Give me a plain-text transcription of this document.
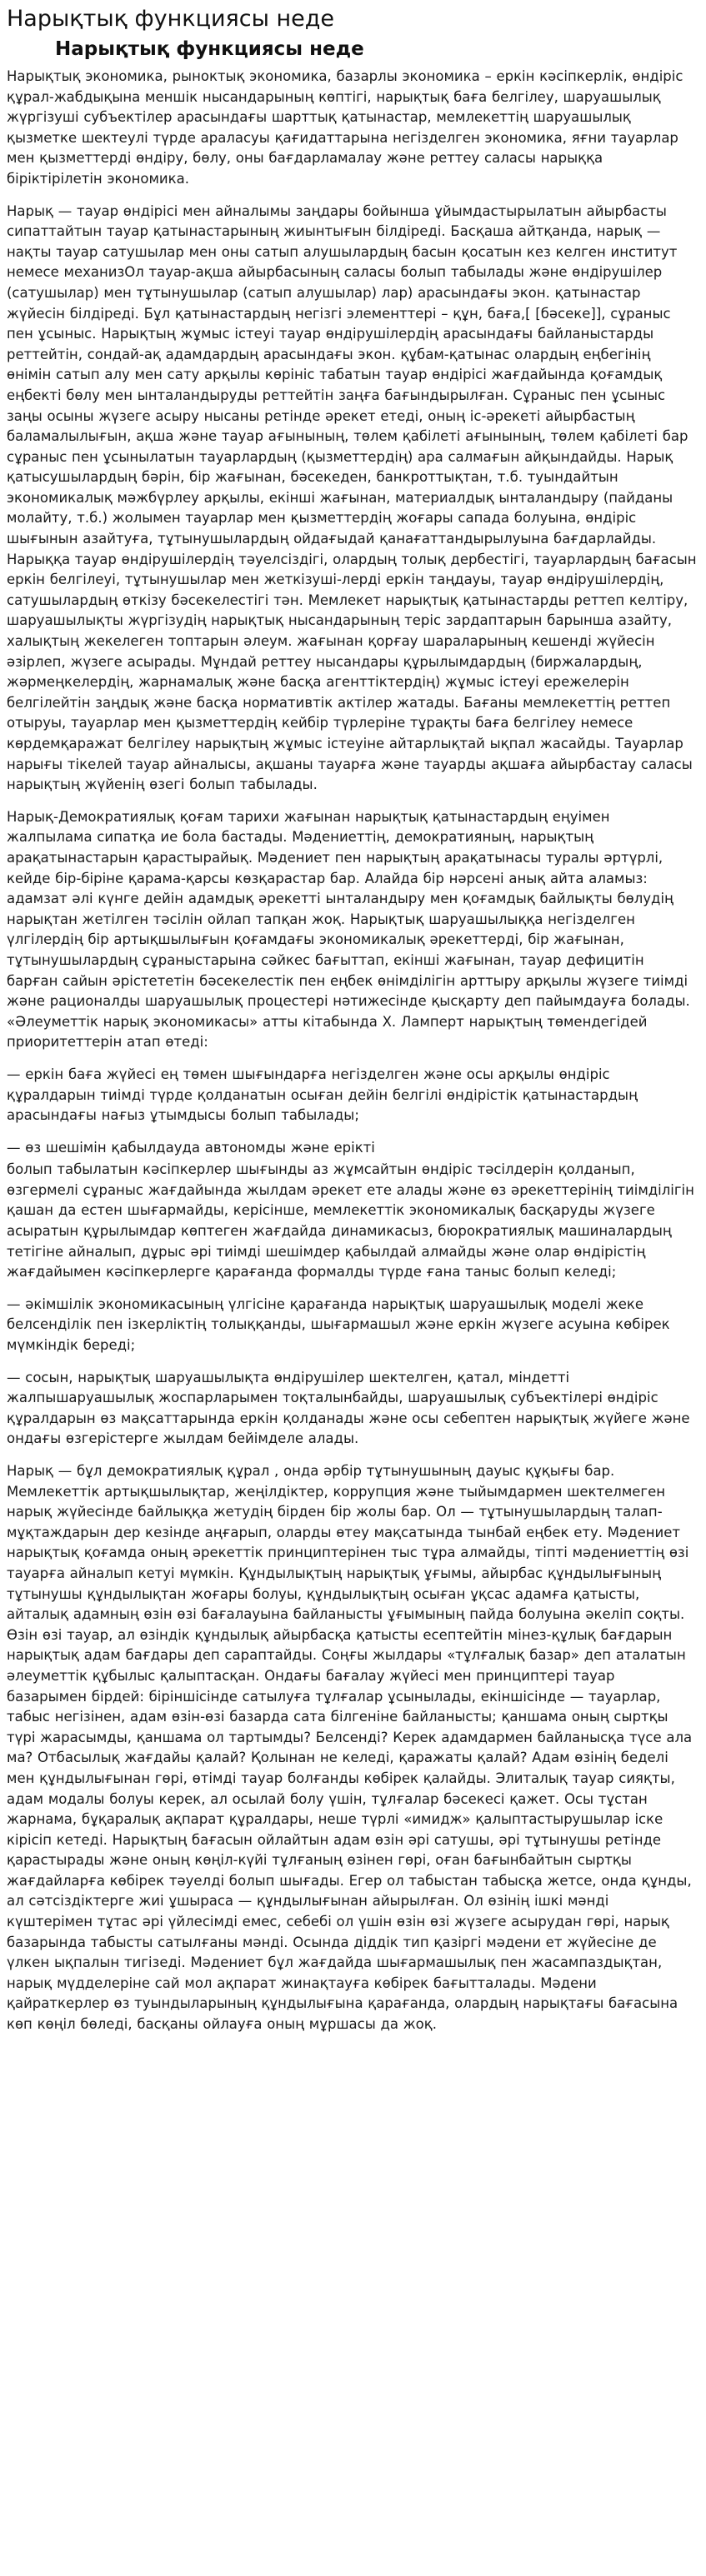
Нарықтық функциясы неде
Нарықтық функциясы неде

Нарықтық экономика, рыноктық экономика, базарлы экономика – еркін кәсіпкерлік, өндіріс құрал-жабдықына меншік нысандарының көптігі, нарықтық баға белгілеу, шаруашылық жүргізуші субъектілер арасындағы шарттық қатынастар, мемлекеттің шаруашылық қызметке шектеулі түрде араласуы қағидаттарына негізделген экономика, яғни тауарлар мен қызметтерді өндіру, бөлу, оны бағдарламалау және реттеу саласы нарыққа біріктірілетін экономика.

Нарық — тауар өндірісі мен айналымы заңдары бойынша ұйымдастырылатын айырбасты сипаттайтын тауар қатынастарының жиынтығын білдіреді. Басқаша айтқанда, нарық — нақты тауар сатушылар мен оны сатып алушылардың басын қосатын кез келген институт немесе механизОл тауар-ақша айырбасының саласы болып табылады және өндірушілер (сатушылар) мен тұтынушылар (сатып алушылар) лар) арасындағы экон. қатынастар жүйесін білдіреді. Бұл қатынастардың негізгі элементтері – құн, баға,[ [бәсеке]], сұраныс пен ұсыныс. Нарықтың жұмыс істеуі тауар өндірушілердің арасындағы байланыстарды реттейтін, сондай-ақ адамдардың арасындағы экон. құбам-қатынас олардың еңбегінің өнімін сатып алу мен сату арқылы көрініс табатын тауар өндірісі жағдайында қоғамдық еңбекті бөлу мен ынталандыруды реттейтін заңға бағындырылған. Сұраныс пен ұсыныс заңы осыны жүзеге асыру нысаны ретінде әрекет етеді, оның іс-әрекеті айырбастың баламалылығын, ақша және тауар ағынының, төлем қабілеті ағынының, төлем қабілеті бар сұраныс пен ұсынылатын тауарлардың (қызметтердің) ара салмағын айқындайды. Нарық қатысушылардың бәрін, бір жағынан, бәсекеден, банкроттықтан, т.б. туындайтын экономикалық мәжбүрлеу арқылы, екінші жағынан, материалдық ынталандыру (пайданы молайту, т.б.) жолымен тауарлар мен қызметтердің жоғары сапада болуына, өндіріс шығынын азайтуға, тұтынушылардың ойдағыдай қанағаттандырылуына бағдарлайды. Нарыққа тауар өндірушілердің тәуелсіздігі, олардың толық дербестігі, тауарлардың бағасын еркін белгілеуі, тұтынушылар мен жеткізуші-лерді еркін таңдауы, тауар өндірушілердің, сатушылардың өткізу бәсекелестігі тән. Мемлекет нарықтық қатынастарды реттеп келтіру, шаруашылықты жүргізудің нарықтық нысандарының теріс зардаптарын барынша азайту, халықтың жекелеген топтарын әлеум. жағынан қорғау шараларының кешенді жүйесін әзірлеп, жүзеге асырады. Мұндай реттеу нысандары құрылымдардың (биржалардың, жәрмеңкелердің, жарнамалық және басқа агенттіктердің) жұмыс істеуі ережелерін белгілейтін заңдық және басқа нормативтік актілер жатады. Бағаны мемлекеттің реттеп отыруы, тауарлар мен қызметтердің кейбір түрлеріне тұрақты баға белгілеу немесе көрдемқаражат белгілеу нарықтың жұмыс істеуіне айтарлықтай ықпал жасайды. Тауарлар нарығы тікелей тауар айналысы, ақшаны тауарға және тауарды ақшаға айырбастау саласы нарықтың жүйенің өзегі болып табылады.

Нарық-Демократиялық қоғам тарихи жағынан нарықтық қатынастардың еңуімен жалпылама сипатқа ие бола бастады. Мәдениеттің, демократияның, нарықтың арақатынастарын қарастырайық. Мәдениет пен нарықтың арақатынасы туралы әртүрлі, кейде бір-біріне қарама-қарсы көзқарастар бар. Алайда бір нәрсені анық айта аламыз: адамзат әлі күнге дейін адамдық әрекетті ынталандыру мен қоғамдық байлықты бөлудің нарықтан жетілген тәсілін ойлап тапқан жоқ. Нарықтық шаруашылыққа негізделген үлгілердің бір артықшылығын қоғамдағы экономикалық әрекеттерді, бір жағынан, тұтынушылардың сұраныстарына сәйкес бағыттап, екінші жағынан, тауар дефицитін барған сайын әрістететін бәсекелестік пен еңбек өнімділігін арттыру арқылы жүзеге тиімді және рационалды шаруашылық процестері нәтижесінде қысқарту деп пайымдауға болады. «Әлеуметтік нарық экономикасы» атты кітабында Х. Ламперт нарықтың төмендегідей приоритеттерін атап өтеді:

— еркін баға жүйесі ең төмен шығындарға негізделген және осы арқылы өндіріс құралдарын тиімді түрде қолданатын осыған дейін белгілі өндірістік қатынастардың арасындағы нағыз ұтымдысы болып табылады;

— өз шешімін қабылдауда автономды және ерікті

болып табылатын кәсіпкерлер шығынды аз жұмсайтын өндіріс тәсілдерін қолданып, өзгермелі сұраныс жағдайында жылдам әрекет ете алады және өз әрекеттерінің тиімділігін қашан да естен шығармайды, керісінше, мемлекеттік экономикалық басқаруды жүзеге асыратын құрылымдар көптеген жағдайда динамикасыз, бюрократиялық машиналардың тетігіне айналып, дұрыс әрі тиімді шешімдер қабылдай алмайды және олар өндірістің жағдайымен кәсіпкерлерге қарағанда формалды түрде ғана таныс болып келеді;

— әкімшілік экономикасының үлгісіне қарағанда нарықтық шаруашылық моделі жеке белсенділік пен ізкерліктің толыққанды, шығармашыл және еркін жүзеге асуына көбірек мүмкіндік береді;

— сосын, нарықтық шаруашылықта өндірушілер шектелген, қатал, міндетті жалпышаруашылық жоспарларымен тоқталынбайды, шаруашылық субъектілері өндіріс құралдарын өз мақсаттарында еркін қолданады және осы себептен нарықтық жүйеге және ондағы өзгерістерге жылдам бейімделе алады.

Нарық — бұл демократиялық құрал , онда әрбір тұтынушының дауыс құқығы бар. Мемлекеттік артықшылықтар, жеңілдіктер, коррупция және тыйымдармен шектелмеген нарық жүйесінде байлыққа жетудің бірден бір жолы бар. Ол — тұтынушылардың талап-мұқтаждарын дер кезінде аңғарып, оларды өтеу мақсатында тынбай еңбек ету. Мәдениет нарықтық қоғамда оның әрекеттік принциптерінен тыс тұра алмайды, тіпті мәдениеттің өзі тауарға айналып кетуі мүмкін. Құндылықтың нарықтық ұғымы, айырбас құндылығының тұтынушы құндылықтан жоғары болуы, құндылықтың осыған ұқсас адамға қатысты, айталық адамның өзін өзі бағалауына байланысты ұғымының пайда болуына әкеліп соқты. Өзін өзі тауар, ал өзіндік құндылық айырбасқа қатысты есептейтін мінез-құлық бағдарын нарықтық адам бағдары деп сараптайды. Соңғы жылдары «тұлғалық базар» деп аталатын әлеуметтік құбылыс қалыптасқан. Ондағы бағалау жүйесі мен принциптері тауар базарымен бірдей: біріншісінде сатылуға тұлғалар ұсынылады, екіншісінде — тауарлар, табыс негізінен, адам өзін-өзі базарда сата білгеніне байланысты; қаншама оның сыртқы түрі жарасымды, қаншама ол тартымды? Белсенді? Керек адамдармен байланысқа түсе ала ма? Отбасылық жағдайы қалай? Қолынан не келеді, қаражаты қалай? Адам өзінің беделі мен құндылығынан гөрі, өтімді тауар болғанды көбірек қалайды. Элиталық тауар сияқты, адам модалы болуы керек, ал осылай болу үшін, тұлғалар бәсекесі қажет. Осы тұстан жарнама, бұқаралық ақпарат құралдары, неше түрлі «имидж» қалыптастырушылар іске кірісіп кетеді. Нарықтың бағасын ойлайтын адам өзін әрі сатушы, әрі тұтынушы ретінде қарастырады және оның көңіл-күйі тұлғаның өзінен гөрі, оған бағынбайтын сыртқы жағдайларға көбірек тәуелді болып шығады. Егер ол табыстан табысқа жетсе, онда құнды, ал сәтсіздіктерге жиі ұшыраса — құндылығынан айырылған. Ол өзінің ішкі мәнді күштерімен тұтас әрі үйлесімді емес, себебі ол үшін өзін өзі жүзеге асырудан гөрі, нарық базарында табысты сатылғаны мәнді. Осында діддік тип қазіргі мәдени ет жүйесіне де үлкен ықпалын тигізеді. Мәдениет бұл жағдайда шығармашылық пен жасампаздықтан, нарық мүдделеріне сай мол ақпарат жинақтауға көбірек бағытталады. Мәдени қайраткерлер өз туындыларының құндылығына қарағанда, олардың нарықтағы бағасына көп көңіл бөледі, басқаны ойлауға оның мұршасы да жоқ.
